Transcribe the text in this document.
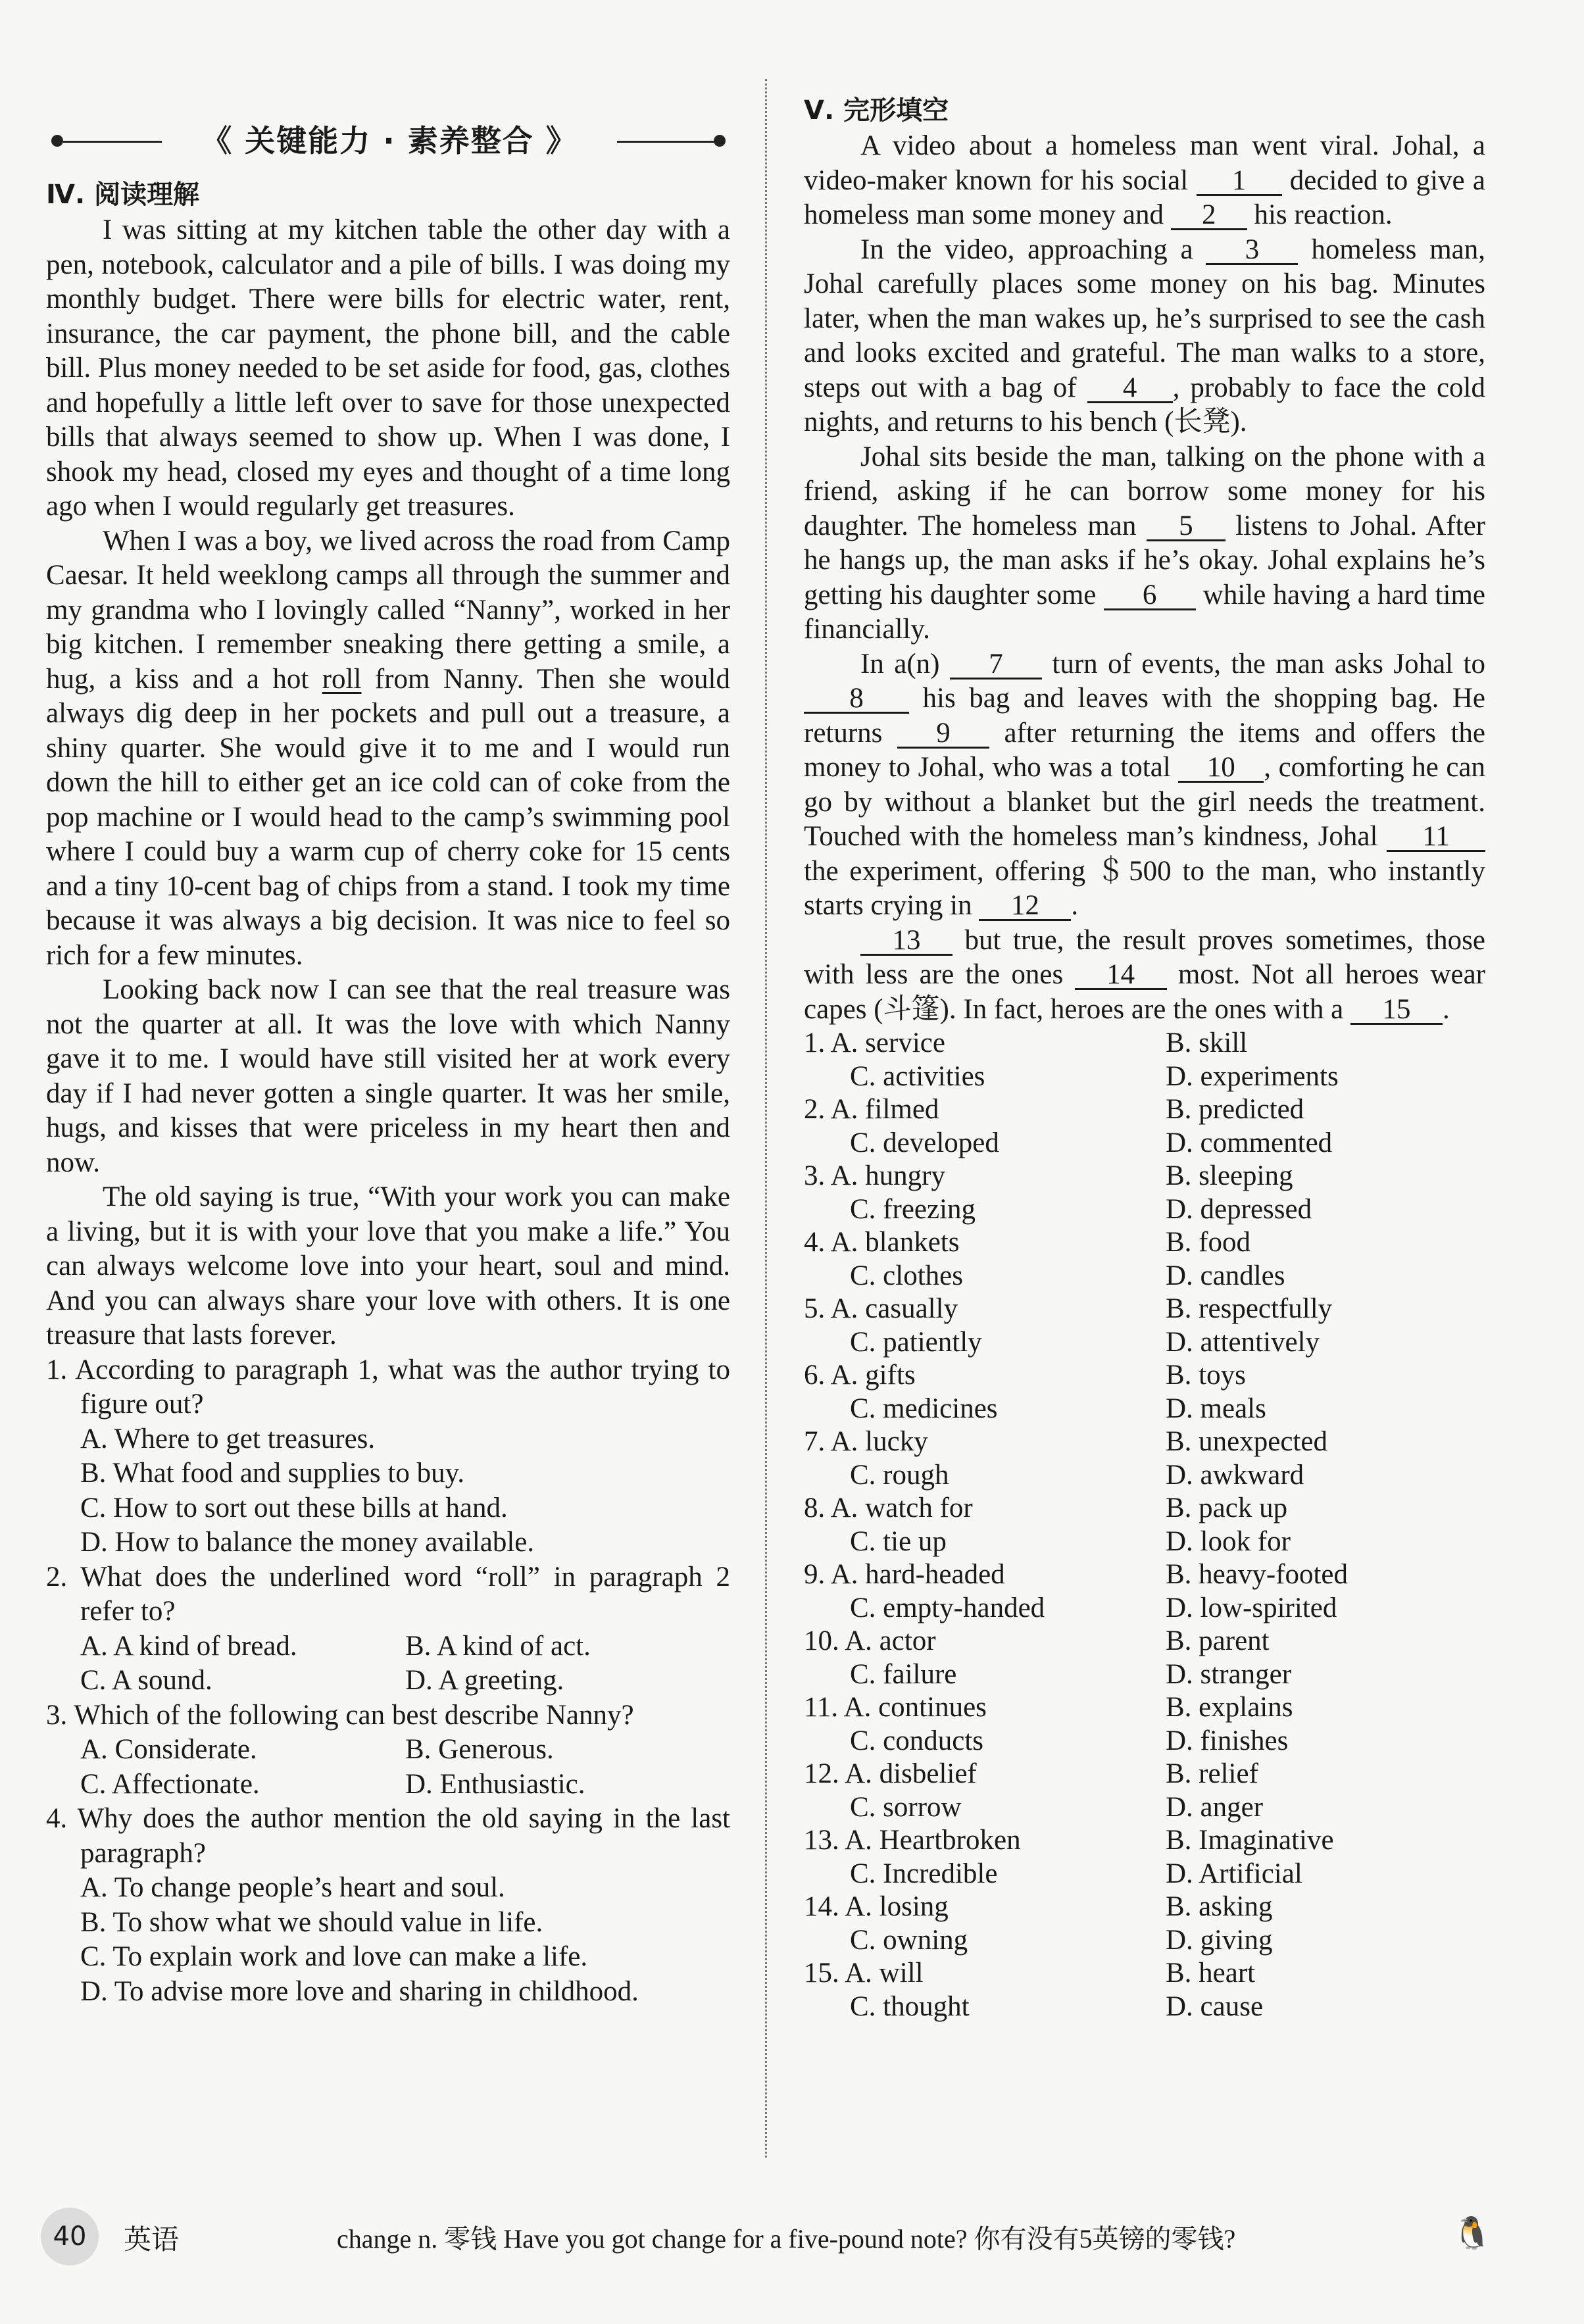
《 关键能力 · 素养整合 》
Ⅳ. 阅读理解

I was sitting at my kitchen table the other day with a pen, notebook, calculator and a pile of bills. I was doing my monthly budget. There were bills for electric water, rent, insurance, the car payment, the phone bill, and the cable bill. Plus money needed to be set aside for food, gas, clothes and hopefully a little left over to save for those unexpected bills that always seemed to show up. When I was done, I shook my head, closed my eyes and thought of a time long ago when I would regularly get treasures.

When I was a boy, we lived across the road from Camp Caesar. It held weeklong camps all through the summer and my grandma who I lovingly called “Nanny”, worked in her big kitchen. I remember sneaking there getting a smile, a hug, a kiss and a hot roll from Nanny. Then she would always dig deep in her pockets and pull out a treasure, a shiny quarter. She would give it to me and I would run down the hill to either get an ice cold can of coke from the pop machine or I would head to the camp’s swimming pool where I could buy a warm cup of cherry coke for 15 cents and a tiny 10-cent bag of chips from a stand. I took my time because it was always a big decision. It was nice to feel so rich for a few minutes.

Looking back now I can see that the real treasure was not the quarter at all. It was the love with which Nanny gave it to me. I would have still visited her at work every day if I had never gotten a single quarter. It was her smile, hugs, and kisses that were priceless in my heart then and now.

The old saying is true, “With your work you can make a living, but it is with your love that you make a life.” You can always welcome love into your heart, soul and mind. And you can always share your love with others. It is one treasure that lasts forever.

1. According to paragraph 1, what was the author trying to figure out?
A. Where to get treasures.
B. What food and supplies to buy.
C. How to sort out these bills at hand.
D. How to balance the money available.
2. What does the underlined word “roll” in paragraph 2 refer to?
A. A kind of bread.	B. A kind of act.
C. A sound.	D. A greeting.
3. Which of the following can best describe Nanny?
A. Considerate.	B. Generous.
C. Affectionate.	D. Enthusiastic.
4. Why does the author mention the old saying in the last paragraph?
A. To change people’s heart and soul.
B. To show what we should value in life.
C. To explain work and love can make a life.
D. To advise more love and sharing in childhood.
Ⅴ. 完形填空

A video about a homeless man went viral. Johal, a video-maker known for his social 1 decided to give a homeless man some money and 2 his reaction.

In the video, approaching a 3 homeless man, Johal carefully places some money on his bag. Minutes later, when the man wakes up, he’s surprised to see the cash and looks excited and grateful. The man walks to a store, steps out with a bag of 4 , probably to face the cold nights, and returns to his bench (长凳).

Johal sits beside the man, talking on the phone with a friend, asking if he can borrow some money for his daughter. The homeless man 5 listens to Johal. After he hangs up, the man asks if he’s okay. Johal explains he’s getting his daughter some 6 while having a hard time financially.

In a(n) 7 turn of events, the man asks Johal to 8 his bag and leaves with the shopping bag. He returns 9 after returning the items and offers the money to Johal, who was a total 10 , comforting he can go by without a blanket but the girl needs the treatment. Touched with the homeless man’s kindness, Johal 11 the experiment, offering ＄500 to the man, who instantly starts crying in 12 .

13 but true, the result proves sometimes, those with less are the ones 14 most. Not all heroes wear capes (斗篷). In fact, heroes are the ones with a 15 .

1. A. service	B. skill
C. activities	D. experiments
2. A. filmed	B. predicted
C. developed	D. commented
3. A. hungry	B. sleeping
C. freezing	D. depressed
4. A. blankets	B. food
C. clothes	D. candles
5. A. casually	B. respectfully
C. patiently	D. attentively
6. A. gifts	B. toys
C. medicines	D. meals
7. A. lucky	B. unexpected
C. rough	D. awkward
8. A. watch for	B. pack up
C. tie up	D. look for
9. A. hard-headed	B. heavy-footed
C. empty-handed	D. low-spirited
10. A. actor	B. parent
C. failure	D. stranger
11. A. continues	B. explains
C. conducts	D. finishes
12. A. disbelief	B. relief
C. sorrow	D. anger
13. A. Heartbroken	B. Imaginative
C. Incredible	D. Artificial
14. A. losing	B. asking
C. owning	D. giving
15. A. will	B. heart
C. thought	D. cause
40	英语	change n. 零钱 Have you got change for a five-pound note? 你有没有5英镑的零钱?	🐧
